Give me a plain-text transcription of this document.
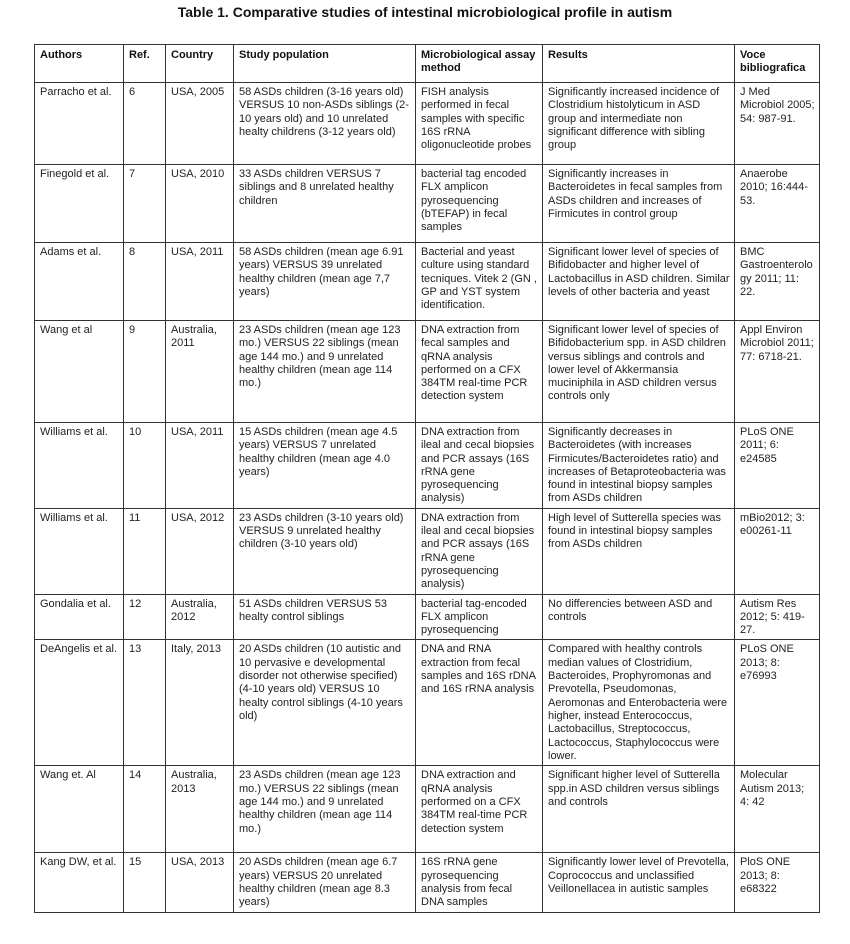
Table 1. Comparative studies of intestinal microbiological profile in autism
Authors	Ref.	Country	Study population	Microbiological assay method	Results	Voce bibliografica
Parracho et al.	6	USA, 2005	58 ASDs children (3-16 years old) VERSUS 10 non-ASDs siblings (2-10 years old) and 10 unrelated healty childrens (3-12 years old)	FISH analysis performed in fecal samples with specific 16S rRNA oligonucleotide probes	Significantly increased incidence of Clostridium histolyticum in ASD group and intermediate non significant difference with sibling group	J Med Microbiol 2005; 54: 987-91.
Finegold et al.	7	USA, 2010	33 ASDs children VERSUS 7 siblings and 8 unrelated healthy children	bacterial tag encoded FLX amplicon pyrosequencing (bTEFAP) in fecal samples	Significantly increases in Bacteroidetes in fecal samples from ASDs children and increases of Firmicutes in control group	Anaerobe 2010; 16:444-53.
Adams et al.	8	USA, 2011	58 ASDs children (mean age 6.91 years) VERSUS 39 unrelated healthy children (mean age 7,7 years)	Bacterial and yeast culture using standard tecniques. Vitek 2 (GN , GP and YST system identification.	Significant lower level of species of Bifidobacter and higher level of Lactobacillus in ASD children. Similar levels of other bacteria and yeast	BMC Gastroenterology 2011; 11: 22.
Wang et al	9	Australia, 2011	23 ASDs children (mean age 123 mo.) VERSUS 22 siblings (mean age 144 mo.) and 9 unrelated healthy children (mean age 114 mo.)	DNA extraction from fecal samples and qRNA analysis performed on a CFX 384TM real-time PCR detection system	Significant lower level of species of Bifidobacterium spp. in ASD children versus siblings and controls and lower level of Akkermansia muciniphila in ASD children versus controls only	Appl Environ Microbiol 2011; 77: 6718-21.
Williams et al.	10	USA, 2011	15 ASDs children (mean age 4.5 years) VERSUS 7 unrelated healthy children (mean age 4.0 years)	DNA extraction from ileal and cecal biopsies and PCR assays (16S rRNA gene pyrosequencing analysis)	Significantly decreases in Bacteroidetes (with increases Firmicutes/Bacteroidetes ratio) and increases of Betaproteobacteria was found in intestinal biopsy samples from ASDs children	PLoS ONE 2011; 6: e24585
Williams et al.	11	USA, 2012	23 ASDs children (3-10 years old) VERSUS 9 unrelated healthy children (3-10 years old)	DNA extraction from ileal and cecal biopsies and PCR assays (16S rRNA gene pyrosequencing analysis)	High level of Sutterella species was found in intestinal biopsy samples from ASDs children	mBio2012; 3: e00261-11
Gondalia et al.	12	Australia, 2012	51 ASDs children VERSUS 53 healty control siblings	bacterial tag-encoded FLX amplicon pyrosequencing	No differencies between ASD and controls	Autism Res 2012; 5: 419-27.
DeAngelis et al.	13	Italy, 2013	20 ASDs children (10 autistic and 10 pervasive e developmental disorder not otherwise specified) (4-10 years old) VERSUS 10 healty control siblings (4-10 years old)	DNA and RNA extraction from fecal samples and 16S rDNA and 16S rRNA analysis	Compared with healthy controls median values of Clostridium, Bacteroides, Prophyromonas and Prevotella, Pseudomonas, Aeromonas and Enterobacteria were higher, instead Enterococcus, Lactobacillus, Streptococcus, Lactococcus, Staphylococcus were lower.	PLoS ONE 2013; 8: e76993
Wang et. Al	14	Australia, 2013	23 ASDs children (mean age 123 mo.) VERSUS 22 siblings (mean age 144 mo.) and 9 unrelated healthy children (mean age 114 mo.)	DNA extraction and qRNA analysis performed on a CFX 384TM real-time PCR detection system	Significant higher level of Sutterella spp.in ASD children versus siblings and controls	Molecular Autism 2013; 4: 42
Kang DW, et al.	15	USA, 2013	20 ASDs children (mean age 6.7 years) VERSUS 20 unrelated healthy children (mean age 8.3 years)	16S rRNA gene pyrosequencing analysis from fecal DNA samples	Significantly lower level of Prevotella, Coprococcus and unclassified Veillonellacea in autistic samples	PloS ONE 2013; 8: e68322
